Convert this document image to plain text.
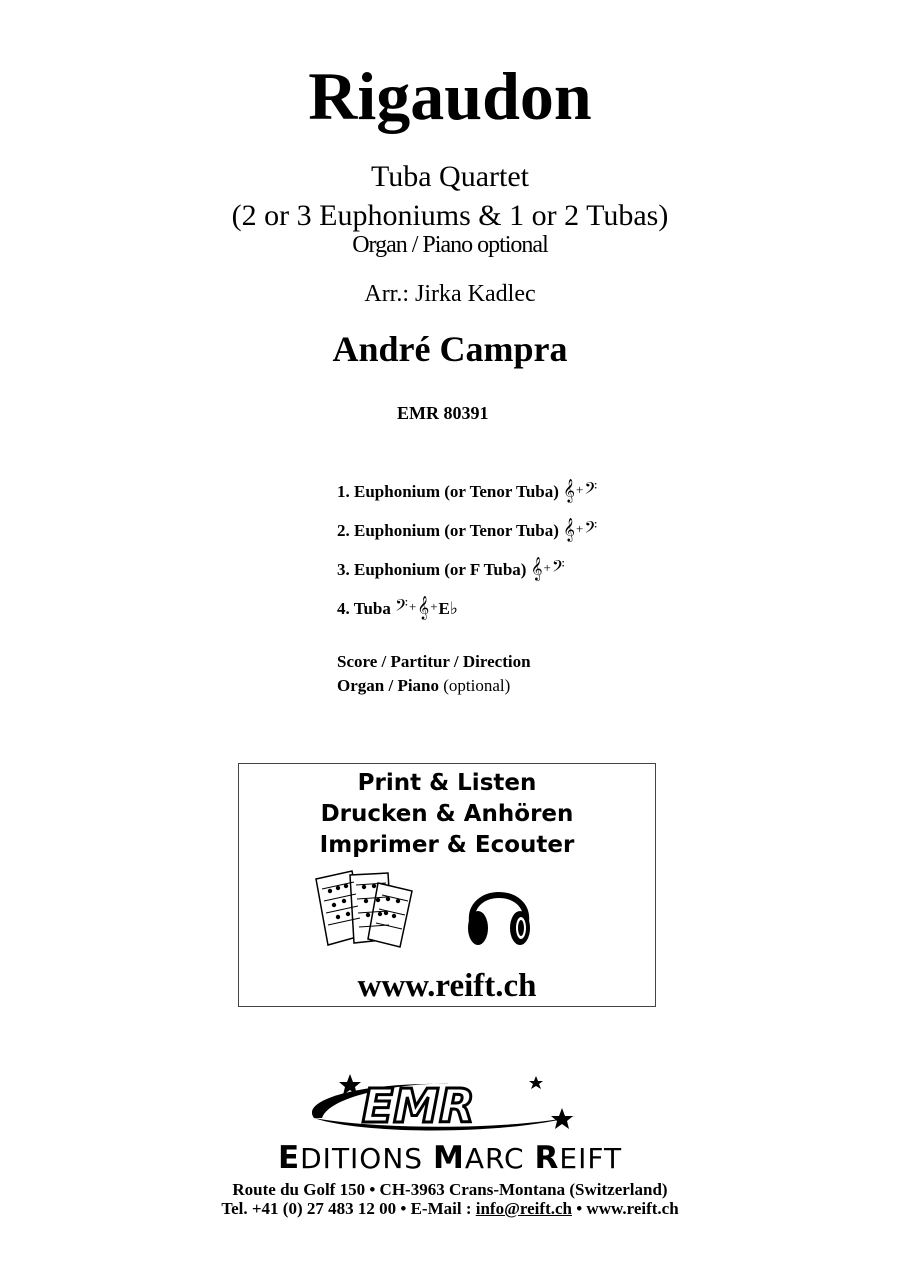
Rigaudon
Tuba Quartet
(2 or 3 Euphoniums & 1 or 2 Tubas)
Organ / Piano optional
Arr.: Jirka Kadlec
André Campra
EMR 80391
1. Euphonium (or Tenor Tuba) 𝄞+𝄢
2. Euphonium (or Tenor Tuba) 𝄞+𝄢
3. Euphonium (or F Tuba) 𝄞+𝄢
4. Tuba 𝄢+𝄞+E♭
Score / Partitur / Direction
Organ / Piano (optional)
Print & Listen
Drucken & Anhören
Imprimer & Ecouter
www.reift.ch
EMR
EDITIONS MARC REIFT
Route du Golf 150 • CH-3963 Crans-Montana (Switzerland)
Tel. +41 (0) 27 483 12 00 • E-Mail : info@reift.ch • www.reift.ch
